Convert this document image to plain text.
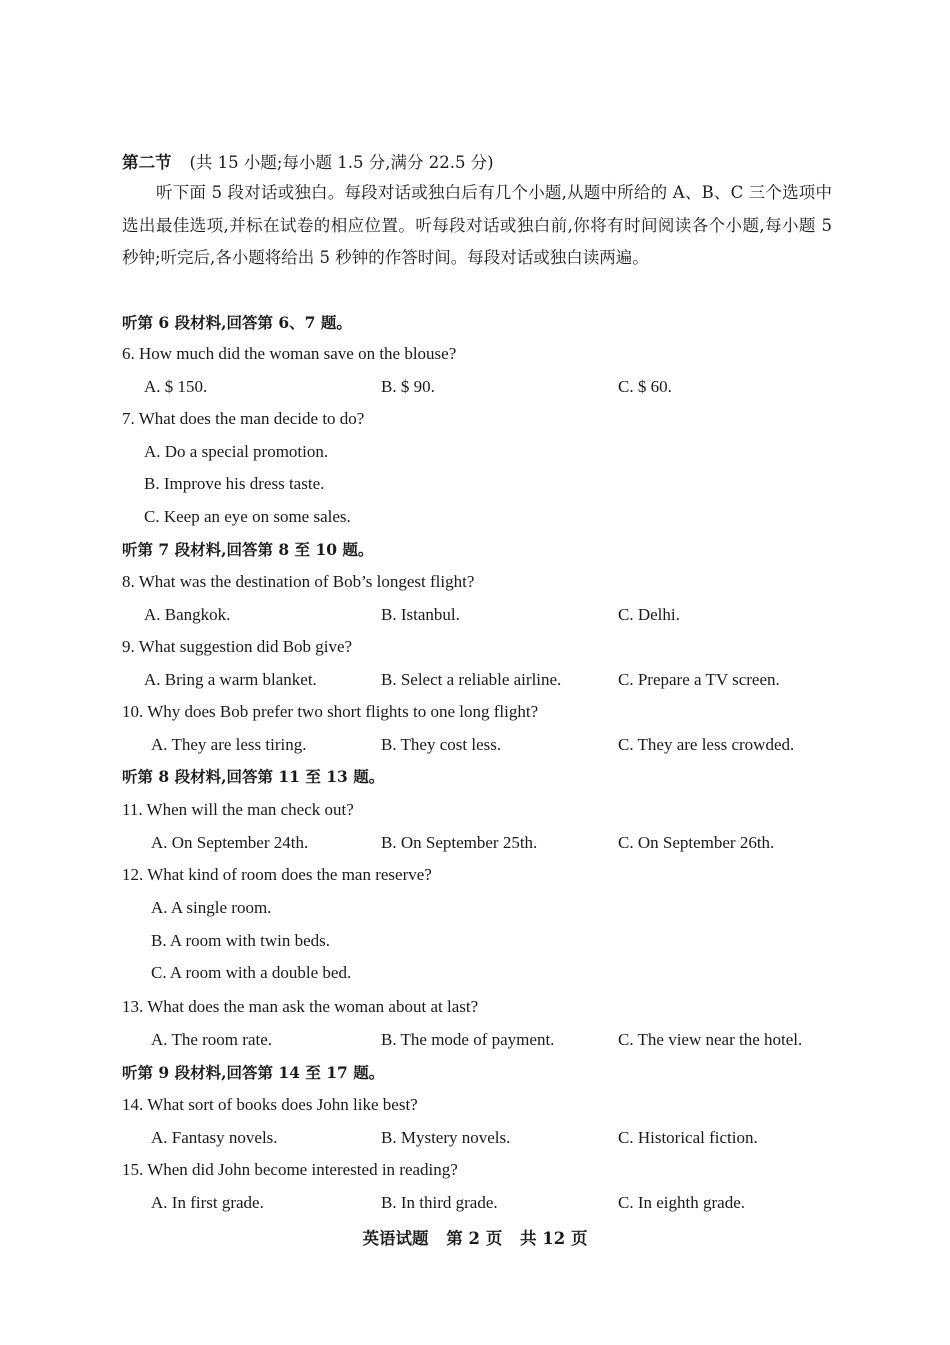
第二节 (共 15 小题;每小题 1.5 分,满分 22.5 分)
听下面 5 段对话或独白。每段对话或独白后有几个小题,从题中所给的 A、B、C 三个选项中选出最佳选项,并标在试卷的相应位置。听每段对话或独白前,你将有时间阅读各个小题,每小题 5 秒钟;听完后,各小题将给出 5 秒钟的作答时间。每段对话或独白读两遍。
听第 6 段材料,回答第 6、7 题。
6. How much did the woman save on the blouse?
A. $ 150.	B. $ 90.	C. $ 60.
7. What does the man decide to do?
A. Do a special promotion.
B. Improve his dress taste.
C. Keep an eye on some sales.
听第 7 段材料,回答第 8 至 10 题。
8. What was the destination of Bob’s longest flight?
A. Bangkok.	B. Istanbul.	C. Delhi.
9. What suggestion did Bob give?
A. Bring a warm blanket.	B. Select a reliable airline.	C. Prepare a TV screen.
10. Why does Bob prefer two short flights to one long flight?
A. They are less tiring.	B. They cost less.	C. They are less crowded.
听第 8 段材料,回答第 11 至 13 题。
11. When will the man check out?
A. On September 24th.	B. On September 25th.	C. On September 26th.
12. What kind of room does the man reserve?
A. A single room.
B. A room with twin beds.
C. A room with a double bed.
13. What does the man ask the woman about at last?
A. The room rate.	B. The mode of payment.	C. The view near the hotel.
听第 9 段材料,回答第 14 至 17 题。
14. What sort of books does John like best?
A. Fantasy novels.	B. Mystery novels.	C. Historical fiction.
15. When did John become interested in reading?
A. In first grade.	B. In third grade.	C. In eighth grade.
英语试题 第 2 页 共 12 页
